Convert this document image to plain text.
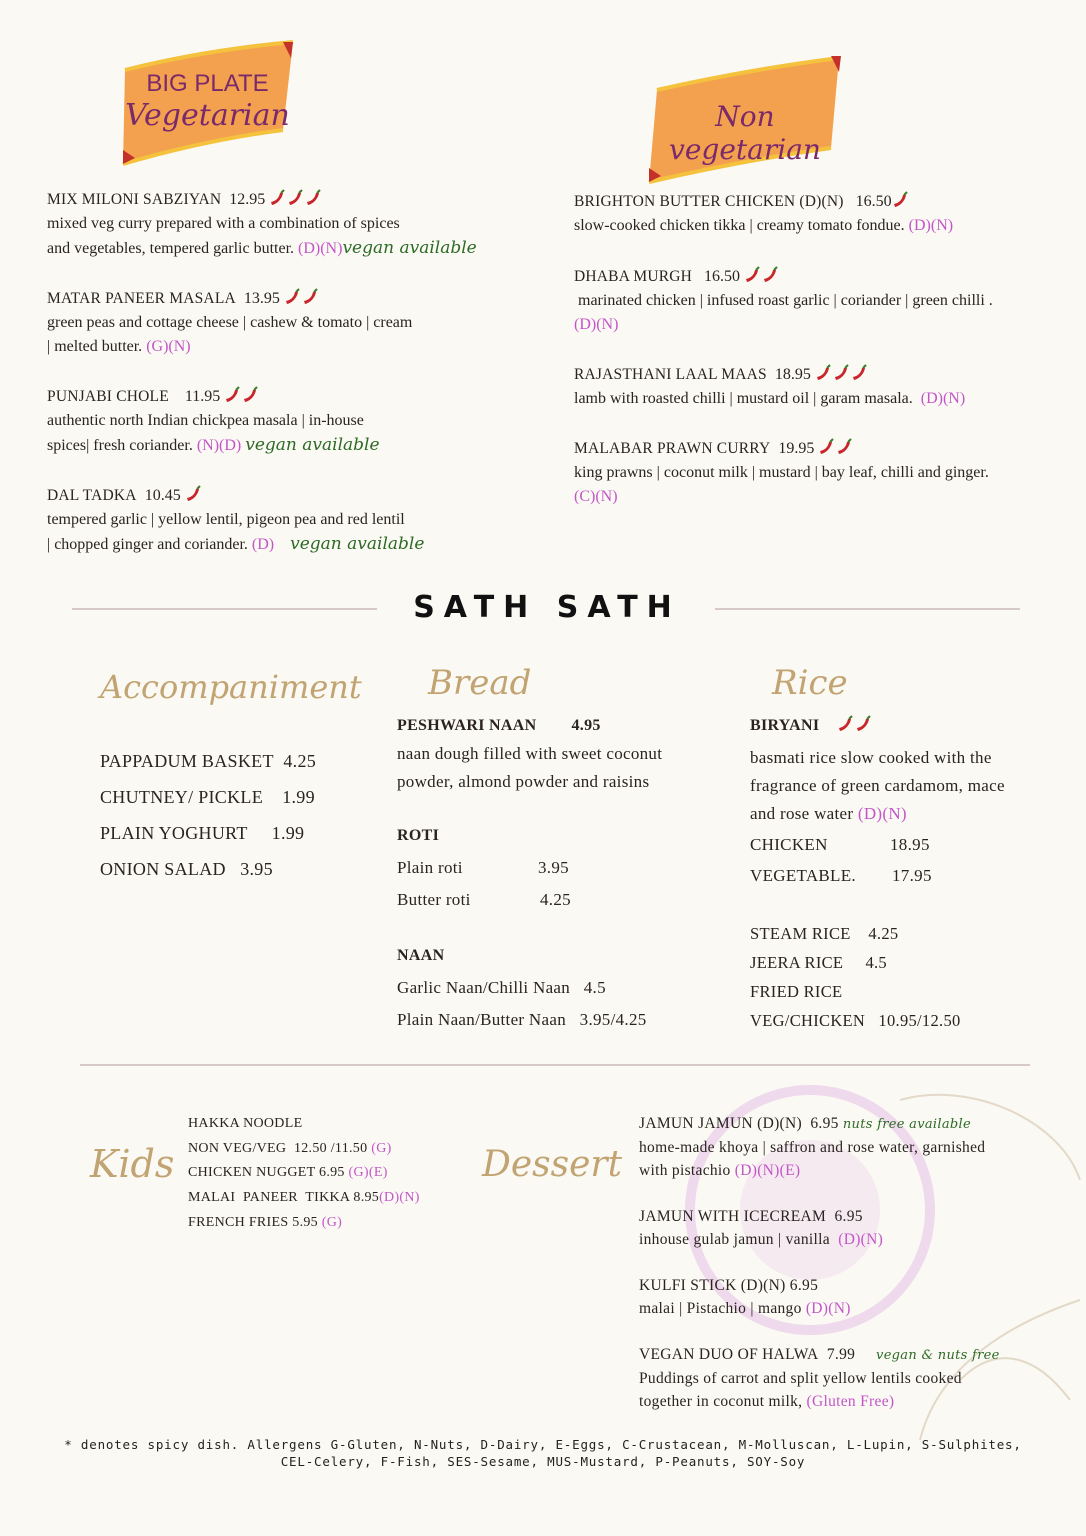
BIG PLATE
Vegetarian	Non vegetarian
MIX MILONI SABZIYAN 12.95
mixed veg curry prepared with a combination of spices
and vegetables, tempered garlic butter. (D)(N)vegan available
MATAR PANEER MASALA 13.95
green peas and cottage cheese | cashew & tomato | cream
| melted butter. (G)(N)
PUNJABI CHOLE 11.95
authentic north Indian chickpea masala | in-house
spices| fresh coriander. (N)(D) vegan available
DAL TADKA 10.45
tempered garlic | yellow lentil, pigeon pea and red lentil
| chopped ginger and coriander. (D) vegan available
BRIGHTON BUTTER CHICKEN (D)(N) 16.50
slow-cooked chicken tikka | creamy tomato fondue. (D)(N)
DHABA MURGH 16.50
marinated chicken | infused roast garlic | coriander | green chilli .
(D)(N)
RAJASTHANI LAAL MAAS 18.95
lamb with roasted chilli | mustard oil | garam masala. (D)(N)
MALABAR PRAWN CURRY 19.95
king prawns | coconut milk | mustard | bay leaf, chilli and ginger.
(C)(N)
SATH SATH
Accompaniment
PAPPADUM BASKET 4.25
CHUTNEY/ PICKLE 1.99
PLAIN YOGHURT 1.99
ONION SALAD 3.95
Bread
PESHWARI NAAN 4.95
naan dough filled with sweet coconut
powder, almond powder and raisins
ROTI
Plain roti	3.95
Butter roti	4.25
NAAN
Garlic Naan/Chilli Naan 4.5
Plain Naan/Butter Naan 3.95/4.25
Rice
BIRYANI
basmati rice slow cooked with the
fragrance of green cardamom, mace
and rose water (D)(N)
CHICKEN	18.95
VEGETABLE. 17.95
STEAM RICE 4.25
JEERA RICE 4.5
FRIED RICE
VEG/CHICKEN 10.95/12.50
Kids
HAKKA NOODLE
NON VEG/VEG 12.50 /11.50 (G)
CHICKEN NUGGET 6.95 (G)(E)
MALAI  PANEER  TIKKA 8.95(D)(N)
FRENCH FRIES 5.95 (G)
Dessert
JAMUN JAMUN (D)(N) 6.95 nuts free available
home-made khoya | saffron and rose water, garnished
with pistachio (D)(N)(E)
JAMUN WITH ICECREAM 6.95
inhouse gulab jamun | vanilla (D)(N)
KULFI STICK (D)(N) 6.95
malai | Pistachio | mango (D)(N)
VEGAN DUO OF HALWA 7.99 vegan & nuts free
Puddings of carrot and split yellow lentils cooked
together in coconut milk, (Gluten Free)
* denotes spicy dish. Allergens G-Gluten, N-Nuts, D-Dairy, E-Eggs, C-Crustacean, M-Molluscan, L-Lupin, S-Sulphites,
CEL-Celery, F-Fish, SES-Sesame, MUS-Mustard, P-Peanuts, SOY-Soy
